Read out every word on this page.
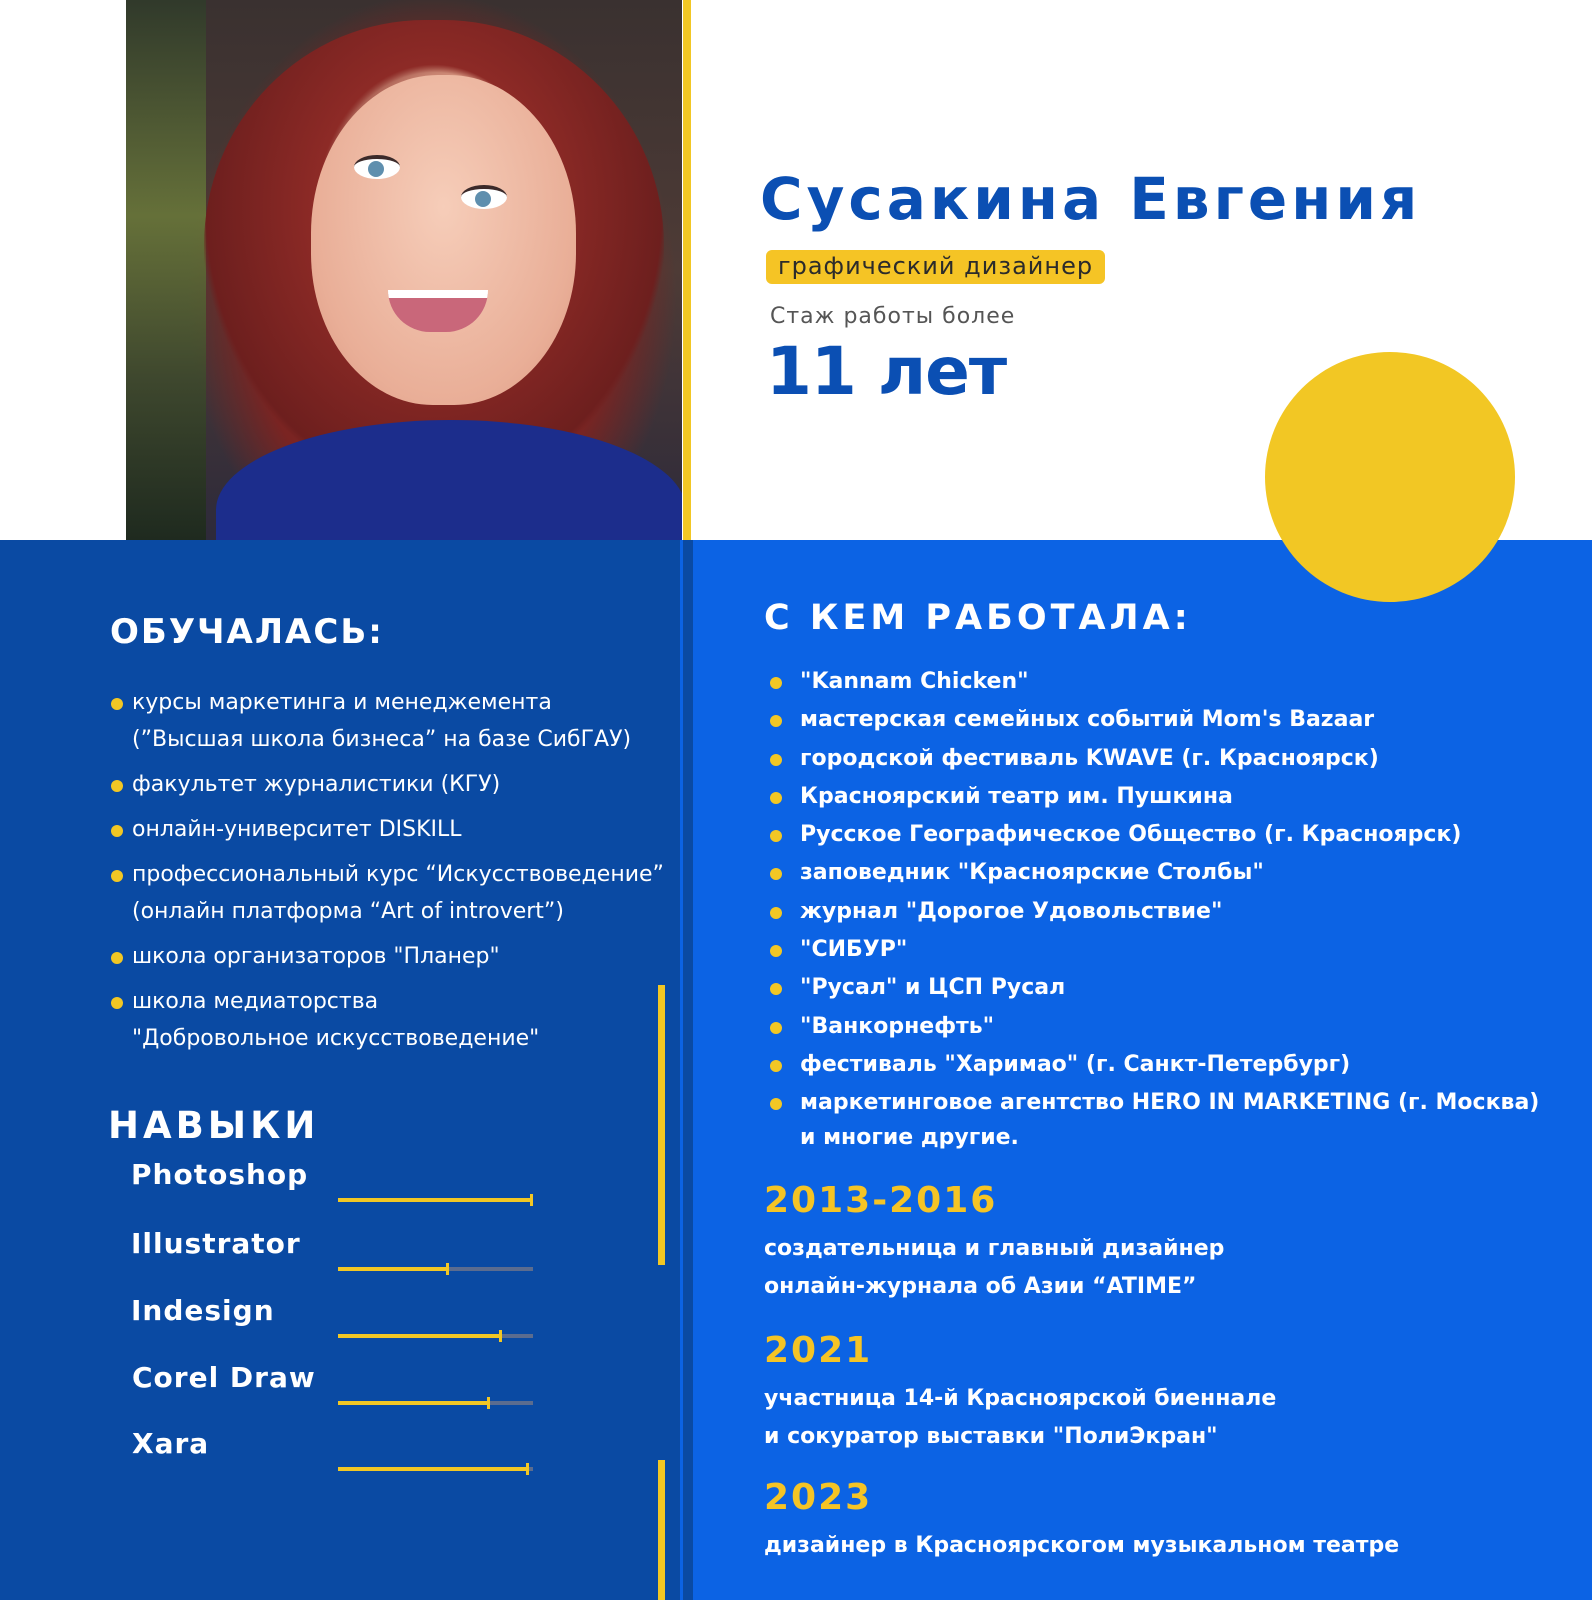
Сусакина Евгения
графический дизайнер
Стаж работы более
11 лет
ОБУЧАЛАСЬ:
курсы маркетинга и менеджемента
(”Высшая школа бизнеса” на базе СибГАУ)
факультет журналистики (КГУ)
онлайн-университет DISKILL
профессиональный курс “Искусствоведение”
(онлайн платформа “Art of introvert”)
школа организаторов "Планер"
школа медиаторства
"Добровольное искусствоведение"
НАВЫКИ
Photoshop
Illustrator
Indesign
Corel Draw
Xara
С КЕМ РАБОТАЛА:
"Kannam Chicken"
мастерская семейных событий Mom's Bazaar
городской фестиваль KWAVE (г. Красноярск)
Красноярский театр им. Пушкина
Русское Географическое Общество (г. Красноярск)
заповедник "Красноярские Столбы"
журнал "Дорогое Удовольствие"
"СИБУР"
"Русал" и ЦСП Русал
"Ванкорнефть"
фестиваль "Харимао" (г. Санкт-Петербург)
маркетинговое агентство HERO IN MARKETING (г. Москва)
и многие другие.
2013-2016
создательница и главный дизайнер
онлайн-журнала об Азии “ATIME”
2021
участница 14-й Красноярской биеннале
и сокуратор выставки "ПолиЭкран"
2023
дизайнер в Красноярскогом музыкальном театре
